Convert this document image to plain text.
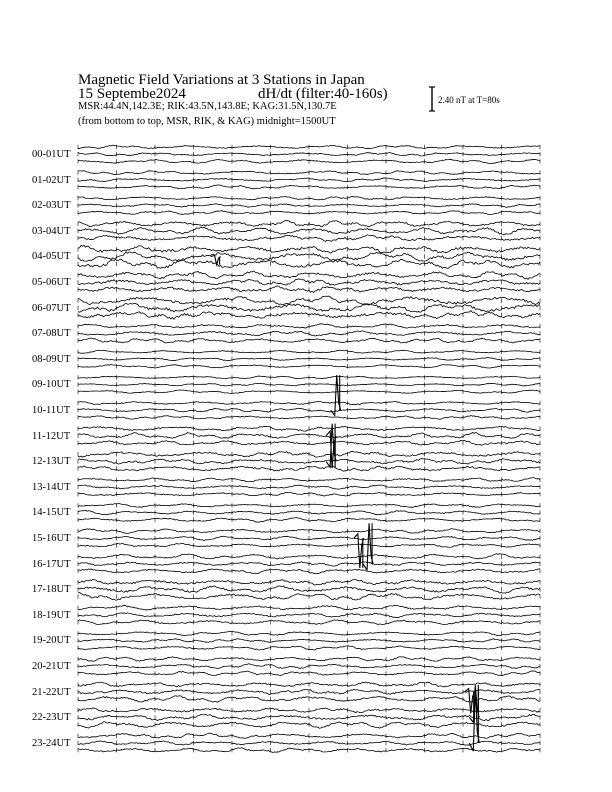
Magnetic Field Variations at 3 Stations in Japan
15 Septembe2024	dH/dt (filter:40-160s)
MSR:44.4N,142.3E; RIK:43.5N,143.8E; KAG:31.5N,130.7E
(from bottom to top, MSR, RIK, & KAG) midnight=1500UT
2.40 nT at T=80s
00-01UT
01-02UT
02-03UT
03-04UT
04-05UT
05-06UT
06-07UT
07-08UT
08-09UT
09-10UT
10-11UT
11-12UT
12-13UT
13-14UT
14-15UT
15-16UT
16-17UT
17-18UT
18-19UT
19-20UT
20-21UT
21-22UT
22-23UT
23-24UT
